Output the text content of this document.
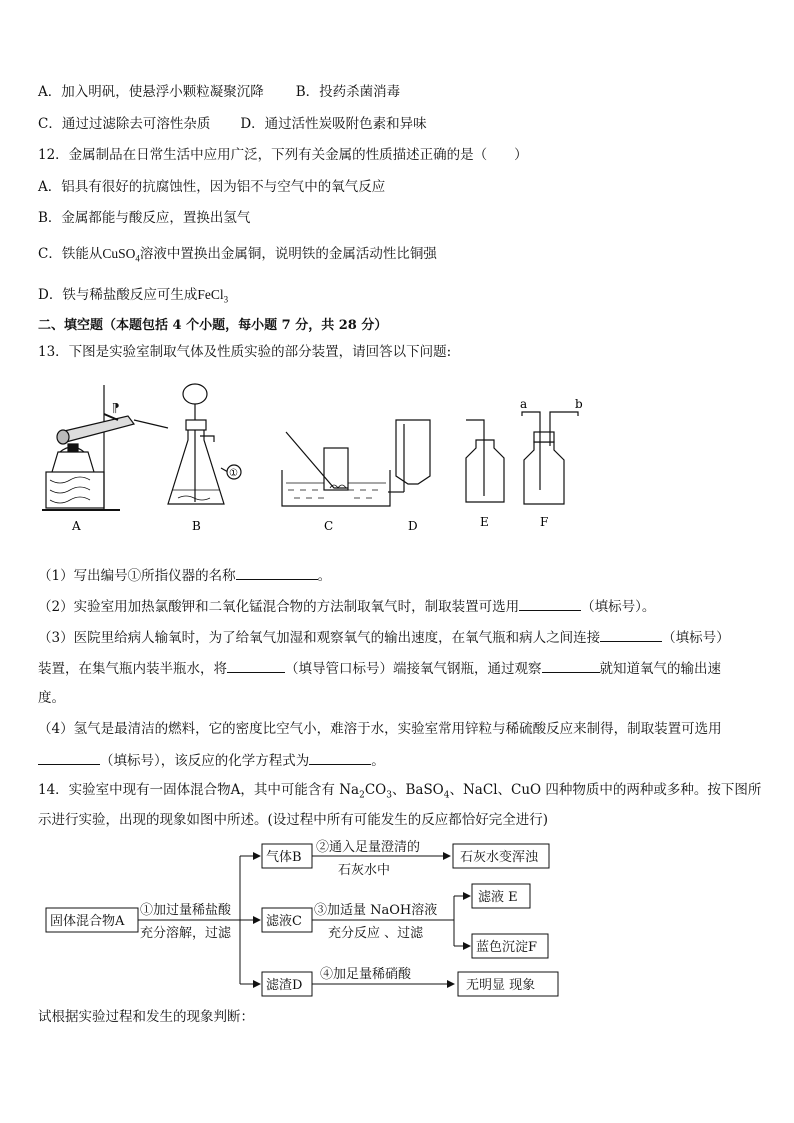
A．加入明矾，使悬浮小颗粒凝聚沉降 B．投药杀菌消毒
C．通过过滤除去可溶性杂质 D．通过活性炭吸附色素和异味
12．金属制品在日常生活中应用广泛，下列有关金属的性质描述正确的是（　　）
A．铝具有很好的抗腐蚀性，因为铝不与空气中的氧气反应
B．金属都能与酸反应，置换出氢气
C．铁能从CuSO$_4$溶液中置换出金属铜，说明铁的金属活动性比铜强
D．铁与稀盐酸反应可生成FeCl$_3$
二、填空题（本题包括 4 个小题，每小题 7 分，共 28 分）
13．下图是实验室制取气体及性质实验的部分装置，请回答以下问题:
⁋
A
①
B	C	D	E
a	b
F
（1）写出编号①所指仪器的名称	。
（2）实验室用加热氯酸钾和二氧化锰混合物的方法制取氧气时，制取装置可选用	（填标号）。
（3）医院里给病人输氧时，为了给氧气加湿和观察氧气的输出速度，在氧气瓶和病人之间连接	（填标号）
装置，在集气瓶内装半瓶水，将	（填导管口标号）端接氧气钢瓶，通过观察	就知道氧气的输出速
度。
（4）氢气是最清洁的燃料，它的密度比空气小，难溶于水，实验室常用锌粒与稀硫酸反应来制得，制取装置可选用
（填标号），该反应的化学方程式为	。
14．实验室中现有一固体混合物A，其中可能含有 $Na_2CO_3$、BaSO$_4$、NaCl、CuO 四种物质中的两种或多种。按下图所
示进行实验，出现的现象如图中所述。(设过程中所有可能发生的反应都恰好完全进行)
固体混合物A
①加过量稀盐酸
充分溶解，过滤
气体B
②通入足量澄清的
石灰水中
石灰水变浑浊
滤液C
③加适量 NaOH溶液
充分反应 、过滤
滤液 E
蓝色沉淀F
滤渣D
④加足量稀硝酸
无明显 现象
试根据实验过程和发生的现象判断：
